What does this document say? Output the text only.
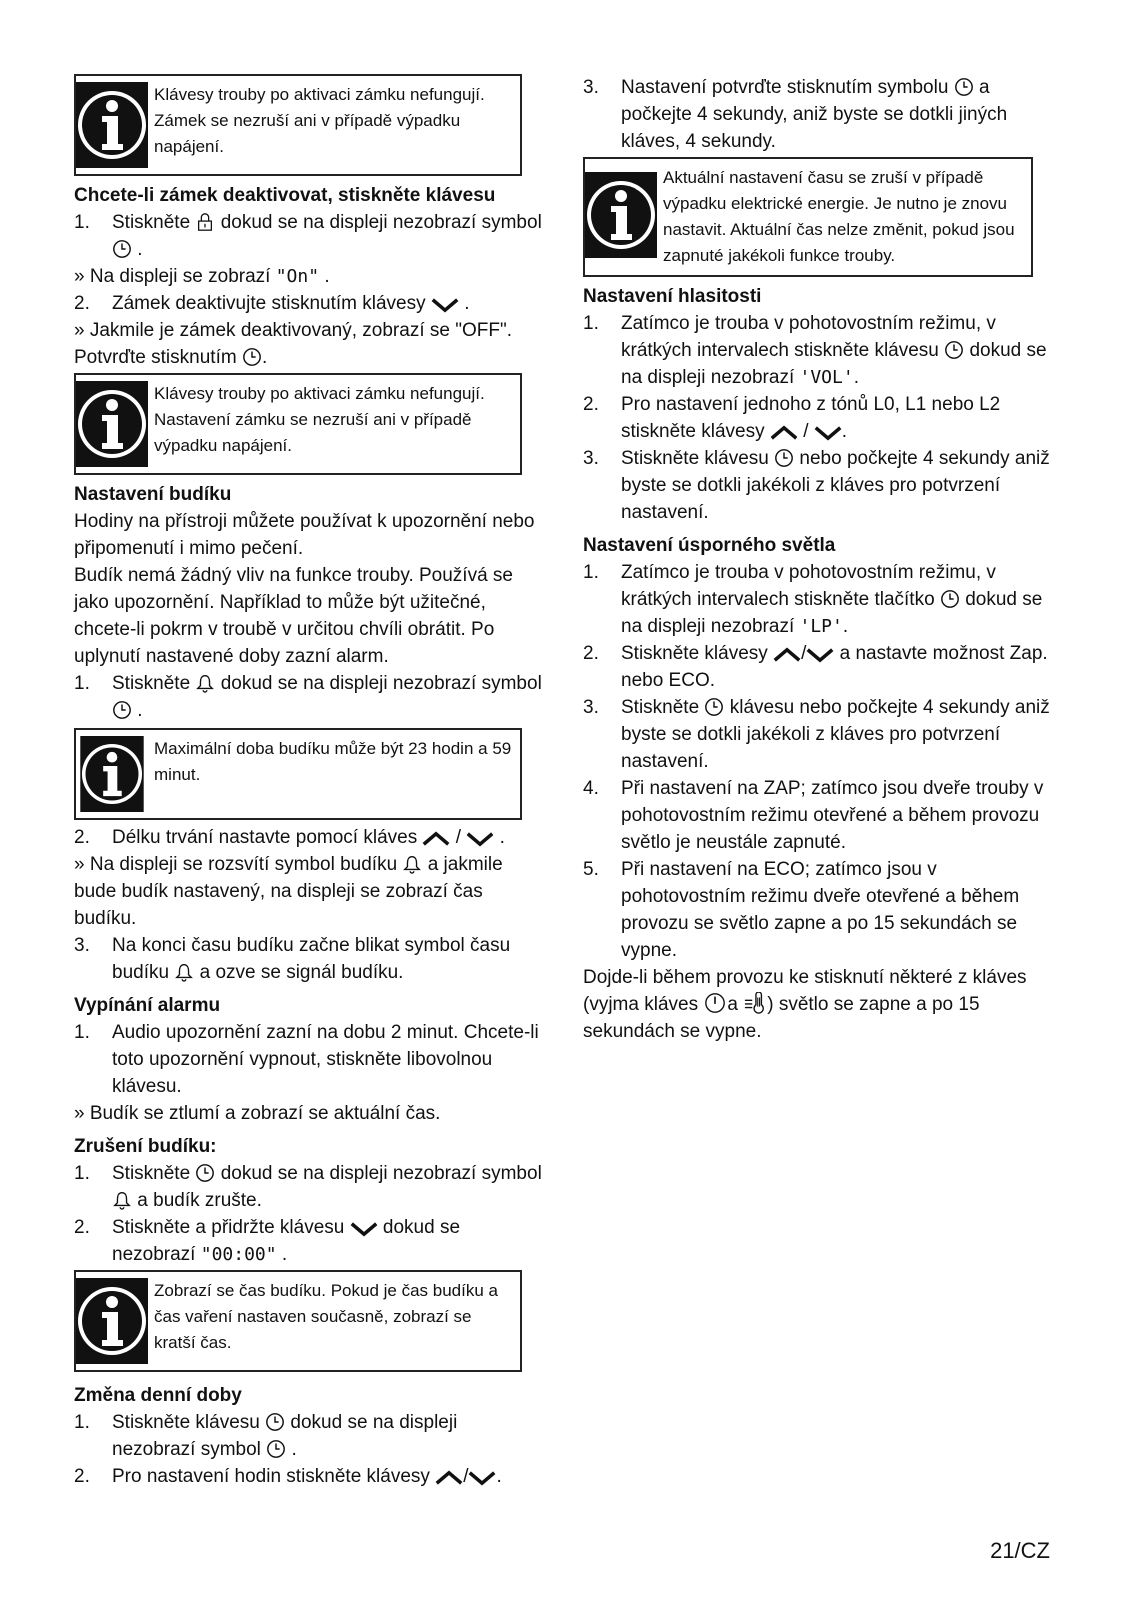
Klávesy trouby po aktivaci zámku nefungují. Zámek se nezruší ani v případě výpadku napájení.

Chcete-li zámek deaktivovat, stiskněte klávesu

1.	Stiskněte dokud se na displeji nezobrazí symbol
.

» Na displeji se zobrazí "On" .

2.	Zámek deaktivujte stisknutím klávesy .

» Jakmile je zámek deaktivovaný, zobrazí se "OFF".

Potvrďte stisknutím .

Klávesy trouby po aktivaci zámku nefungují. Nastavení zámku se nezruší ani v případě výpadku napájení.

Nastavení budíku

Hodiny na přístroji můžete používat k upozornění nebo připomenutí i mimo pečení.

Budík nemá žádný vliv na funkce trouby. Používá se jako upozornění. Například to může být užitečné, chcete-li pokrm v troubě v určitou chvíli obrátit. Po uplynutí nastavené doby zazní alarm.

1.	Stiskněte dokud se na displeji nezobrazí symbol
.
Maximální doba budíku může být 23 hodin a 59 minut.
2.	Délku trvání nastavte pomocí kláves / .

» Na displeji se rozsvítí symbol budíku a jakmile bude budík nastavený, na displeji se zobrazí čas budíku.

3.	Na konci času budíku začne blikat symbol času budíku a ozve se signál budíku.

Vypínání alarmu

1.	Audio upozornění zazní na dobu 2 minut. Chcete-li toto upozornění vypnout, stiskněte libovolnou klávesu.

» Budík se ztlumí a zobrazí se aktuální čas.

Zrušení budíku:

1.	Stiskněte dokud se na displeji nezobrazí symbol  a budík zrušte.
2.	Stiskněte a přidržte klávesu dokud se nezobrazí "00:00" .
Zobrazí se čas budíku. Pokud je čas budíku a čas vaření nastaven současně, zobrazí se kratší čas.

Změna denní doby

1.	Stiskněte klávesu dokud se na displeji nezobrazí symbol .
2.	Pro nastavení hodin stiskněte klávesy / .
3.	Nastavení potvrďte stisknutím symbolu a počkejte 4 sekundy, aniž byste se dotkli jiných kláves, 4 sekundy.
Aktuální nastavení času se zruší v případě výpadku elektrické energie. Je nutno je znovu nastavit. Aktuální čas nelze změnit, pokud jsou zapnuté jakékoli funkce trouby.

Nastavení hlasitosti

1.	Zatímco je trouba v pohotovostním režimu, v krátkých intervalech stiskněte klávesu dokud se na displeji nezobrazí 'VOL'.
2.	Pro nastavení jednoho z tónů L0, L1 nebo L2 stiskněte klávesy / .
3.	Stiskněte klávesu nebo počkejte 4 sekundy aniž byste se dotkli jakékoli z kláves pro potvrzení nastavení.

Nastavení úsporného světla

1.	Zatímco je trouba v pohotovostním režimu, v krátkých intervalech stiskněte tlačítko dokud se na displeji nezobrazí 'LP'.
2.	Stiskněte klávesy / a nastavte možnost Zap. nebo ECO.
3.	Stiskněte klávesu nebo počkejte 4 sekundy aniž byste se dotkli jakékoli z kláves pro potvrzení nastavení.
4.	Při nastavení na ZAP; zatímco jsou dveře trouby v pohotovostním režimu otevřené a během provozu světlo je neustále zapnuté.
5.	Při nastavení na ECO; zatímco jsou v pohotovostním režimu dveře otevřené a během provozu se světlo zapne a po 15 sekundách se vypne.

Dojde-li během provozu ke stisknutí některé z kláves (vyjma kláves a ) světlo se zapne a po 15 sekundách se vypne.

21/CZ
